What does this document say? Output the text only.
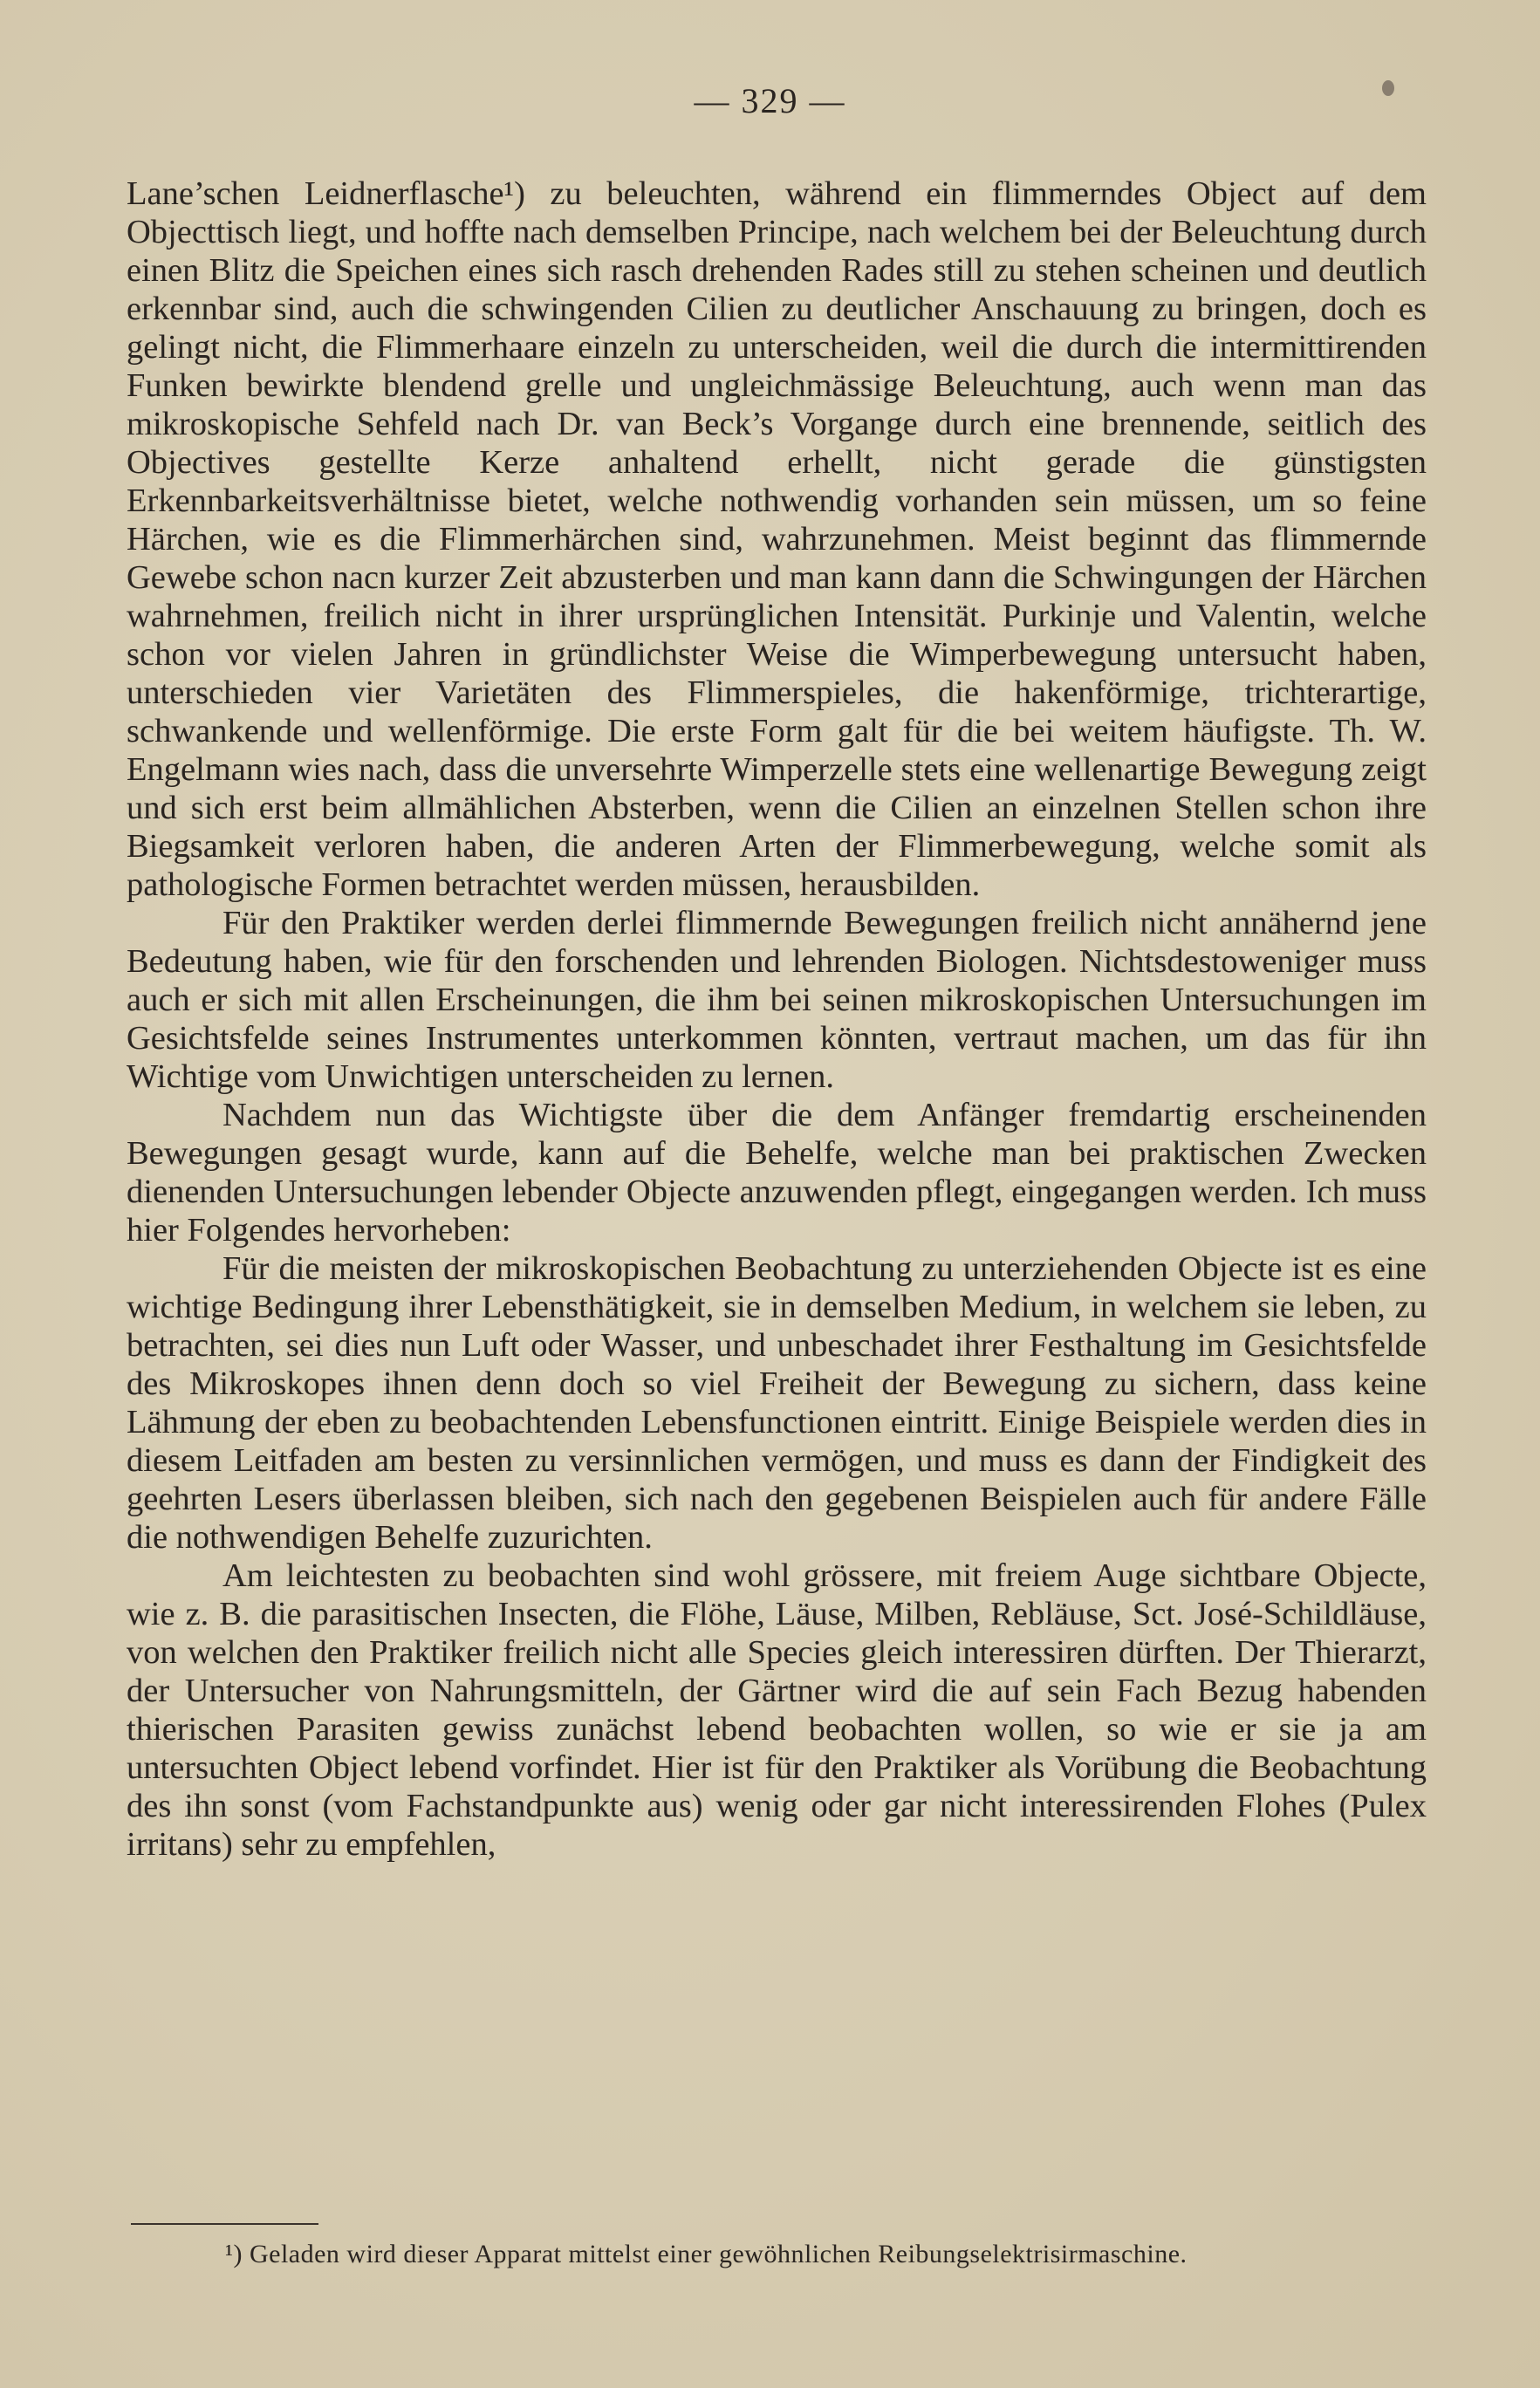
— 329 —

Lane’schen Leidnerflasche¹) zu beleuchten, während ein flimmerndes Object auf dem Objecttisch liegt, und hoffte nach demselben Principe, nach welchem bei der Beleuchtung durch einen Blitz die Speichen eines sich rasch drehenden Rades still zu stehen scheinen und deutlich erkennbar sind, auch die schwingenden Cilien zu deutlicher Anschauung zu bringen, doch es gelingt nicht, die Flimmerhaare einzeln zu unterscheiden, weil die durch die intermittirenden Funken bewirkte blendend grelle und ungleichmässige Beleuchtung, auch wenn man das mikroskopische Sehfeld nach Dr. van Beck’s Vorgange durch eine brennende, seitlich des Objectives gestellte Kerze anhaltend erhellt, nicht gerade die günstigsten Erkennbarkeitsverhältnisse bietet, welche nothwendig vorhanden sein müssen, um so feine Härchen, wie es die Flimmerhärchen sind, wahrzunehmen. Meist beginnt das flimmernde Gewebe schon nacn kurzer Zeit abzusterben und man kann dann die Schwingungen der Härchen wahrnehmen, freilich nicht in ihrer ursprünglichen Intensität. Purkinje und Valentin, welche schon vor vielen Jahren in gründlichster Weise die Wimperbewegung untersucht haben, unterschieden vier Varietäten des Flimmerspieles, die hakenförmige, trichterartige, schwankende und wellenförmige. Die erste Form galt für die bei weitem häufigste. Th. W. Engelmann wies nach, dass die unversehrte Wimperzelle stets eine wellenartige Bewegung zeigt und sich erst beim allmählichen Absterben, wenn die Cilien an einzelnen Stellen schon ihre Biegsamkeit verloren haben, die anderen Arten der Flimmerbewegung, welche somit als pathologische Formen betrachtet werden müssen, herausbilden.

Für den Praktiker werden derlei flimmernde Bewegungen freilich nicht annähernd jene Bedeutung haben, wie für den forschenden und lehrenden Biologen. Nichtsdestoweniger muss auch er sich mit allen Erscheinungen, die ihm bei seinen mikroskopischen Untersuchungen im Gesichtsfelde seines Instrumentes unterkommen könnten, vertraut machen, um das für ihn Wichtige vom Unwichtigen unterscheiden zu lernen.

Nachdem nun das Wichtigste über die dem Anfänger fremdartig erscheinenden Bewegungen gesagt wurde, kann auf die Behelfe, welche man bei praktischen Zwecken dienenden Untersuchungen lebender Objecte anzuwenden pflegt, eingegangen werden. Ich muss hier Folgendes hervorheben:

Für die meisten der mikroskopischen Beobachtung zu unterziehenden Objecte ist es eine wichtige Bedingung ihrer Lebensthätigkeit, sie in demselben Medium, in welchem sie leben, zu betrachten, sei dies nun Luft oder Wasser, und unbeschadet ihrer Festhaltung im Gesichtsfelde des Mikroskopes ihnen denn doch so viel Freiheit der Bewegung zu sichern, dass keine Lähmung der eben zu beobachtenden Lebensfunctionen eintritt. Einige Beispiele werden dies in diesem Leitfaden am besten zu versinnlichen vermögen, und muss es dann der Findigkeit des geehrten Lesers überlassen bleiben, sich nach den gegebenen Beispielen auch für andere Fälle die nothwendigen Behelfe zuzurichten.

Am leichtesten zu beobachten sind wohl grössere, mit freiem Auge sichtbare Objecte, wie z. B. die parasitischen Insecten, die Flöhe, Läuse, Milben, Rebläuse, Sct. José-Schildläuse, von welchen den Praktiker freilich nicht alle Species gleich interessiren dürften. Der Thierarzt, der Untersucher von Nahrungsmitteln, der Gärtner wird die auf sein Fach Bezug habenden thierischen Parasiten gewiss zunächst lebend beobachten wollen, so wie er sie ja am untersuchten Object lebend vorfindet. Hier ist für den Praktiker als Vorübung die Beobachtung des ihn sonst (vom Fachstandpunkte aus) wenig oder gar nicht interessirenden Flohes (Pulex irritans) sehr zu empfehlen,

¹) Geladen wird dieser Apparat mittelst einer gewöhnlichen Reibungselektrisirmaschine.
